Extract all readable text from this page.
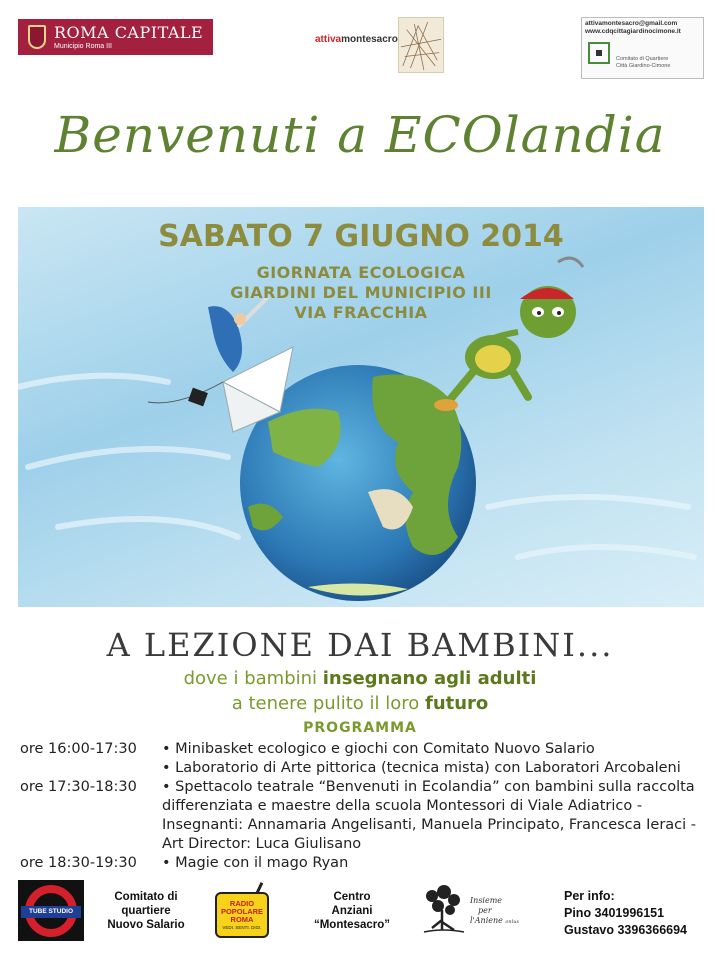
ROMA CAPITALE
Municipio Roma III
attivamontesacro
attivamontesacro@gmail.com
www.cdqcittagiardinocimone.it
Comitato di Quartiere
Città Giardino-Cimone
Benvenuti a ECOlandia
SABATO 7 GIUGNO 2014
GIORNATA ECOLOGICA
GIARDINI DEL MUNICIPIO III
VIA FRACCHIA
A LEZIONE DAI BAMBINI...
dove i bambini insegnano agli adulti
a tenere pulito il loro futuro
PROGRAMMA
ore 16:00-17:30	• Minibasket ecologico e giochi con Comitato Nuovo Salario
• Laboratorio di Arte pittorica (tecnica mista) con Laboratori Arcobaleni
ore 17:30-18:30	• Spettacolo teatrale “Benvenuti in Ecolandia” con bambini sulla raccolta differenziata e maestre della scuola Montessori di Viale Adiatrico - Insegnanti: Annamaria Angelisanti, Manuela Principato, Francesca Ieraci - Art Director: Luca Giulisano
ore 18:30-19:30	• Magie con il mago Ryan
TUBE STUDIO
Comitato di
quartiere
Nuovo Salario
RADIO
POPOLARE
ROMA
VEDI. SENTI. DIGI.
Centro
Anziani
“Montesacro”
Insieme
per
l'Aniene onlus
Per info:
Pino 3401996151
Gustavo 3396366694
